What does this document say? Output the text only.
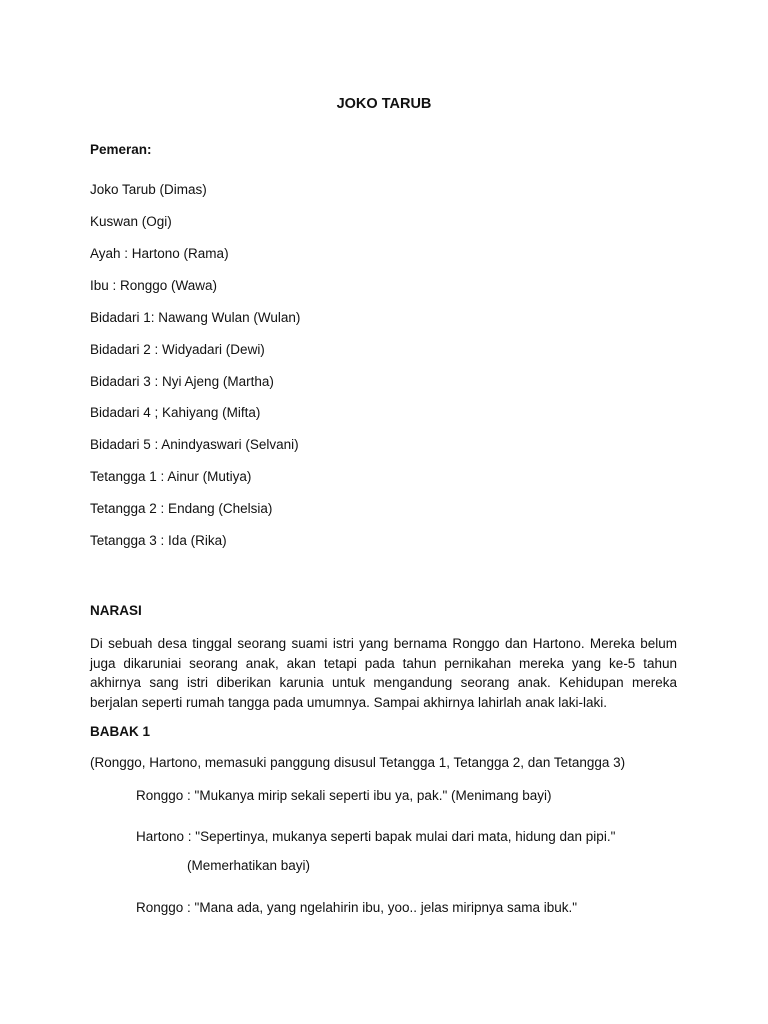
JOKO TARUB
Pemeran:
Joko Tarub (Dimas)
Kuswan (Ogi)
Ayah : Hartono (Rama)
Ibu : Ronggo (Wawa)
Bidadari 1: Nawang Wulan (Wulan)
Bidadari 2 : Widyadari (Dewi)
Bidadari 3 : Nyi Ajeng (Martha)
Bidadari 4 ; Kahiyang (Mifta)
Bidadari 5 : Anindyaswari (Selvani)
Tetangga 1 : Ainur (Mutiya)
Tetangga 2 : Endang (Chelsia)
Tetangga 3 : Ida (Rika)
NARASI
Di sebuah desa tinggal seorang suami istri yang bernama Ronggo dan Hartono. Mereka belum juga dikaruniai seorang anak, akan tetapi pada tahun pernikahan mereka yang ke-5 tahun akhirnya sang istri diberikan karunia untuk mengandung seorang anak. Kehidupan mereka berjalan seperti rumah tangga pada umumnya. Sampai akhirnya lahirlah anak laki-laki.
BABAK 1
(Ronggo, Hartono, memasuki panggung disusul Tetangga 1, Tetangga 2, dan Tetangga 3)
Ronggo : "Mukanya mirip sekali seperti ibu ya, pak." (Menimang bayi)
Hartono : "Sepertinya, mukanya seperti bapak mulai dari mata, hidung dan pipi."
(Memerhatikan bayi)
Ronggo : "Mana ada, yang ngelahirin ibu, yoo.. jelas miripnya sama ibuk."
